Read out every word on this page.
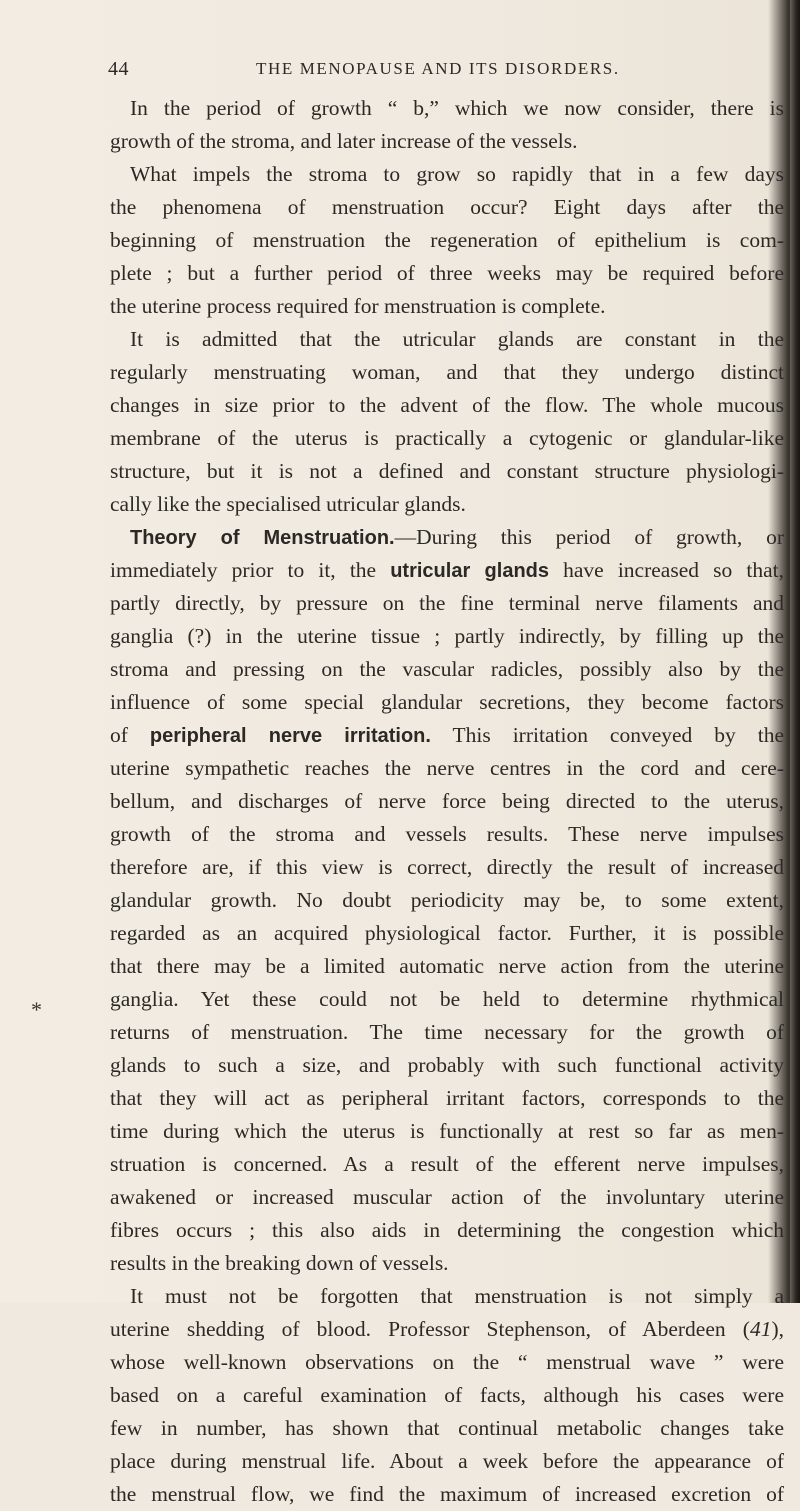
44	THE MENOPAUSE AND ITS DISORDERS.
*
In the period of growth “ b,” which we now consider, there is
growth of the stroma, and later increase of the vessels.
What impels the stroma to grow so rapidly that in a few days
the phenomena of menstruation occur? Eight days after the
beginning of menstruation the regeneration of epithelium is com-
plete ; but a further period of three weeks may be required before
the uterine process required for menstruation is complete.
It is admitted that the utricular glands are constant in the
regularly menstruating woman, and that they undergo distinct
changes in size prior to the advent of the flow. The whole mucous
membrane of the uterus is practically a cytogenic or glandular-like
structure, but it is not a defined and constant structure physiologi-
cally like the specialised utricular glands.
Theory of Menstruation.—During this period of growth, or
immediately prior to it, the utricular glands have increased so that,
partly directly, by pressure on the fine terminal nerve filaments and
ganglia (?) in the uterine tissue ; partly indirectly, by filling up the
stroma and pressing on the vascular radicles, possibly also by the
influence of some special glandular secretions, they become factors
of peripheral nerve irritation. This irritation conveyed by the
uterine sympathetic reaches the nerve centres in the cord and cere-
bellum, and discharges of nerve force being directed to the uterus,
growth of the stroma and vessels results. These nerve impulses
therefore are, if this view is correct, directly the result of increased
glandular growth. No doubt periodicity may be, to some extent,
regarded as an acquired physiological factor. Further, it is possible
that there may be a limited automatic nerve action from the uterine
ganglia. Yet these could not be held to determine rhythmical
returns of menstruation. The time necessary for the growth of
glands to such a size, and probably with such functional activity
that they will act as peripheral irritant factors, corresponds to the
time during which the uterus is functionally at rest so far as men-
struation is concerned. As a result of the efferent nerve impulses,
awakened or increased muscular action of the involuntary uterine
fibres occurs ; this also aids in determining the congestion which
results in the breaking down of vessels.
It must not be forgotten that menstruation is not simply a
uterine shedding of blood. Professor Stephenson, of Aberdeen (41),
whose well-known observations on the “ menstrual wave ” were
based on a careful examination of facts, although his cases were
few in number, has shown that continual metabolic changes take
place during menstrual life. About a week before the appearance of
the menstrual flow, we find the maximum of increased excretion of
